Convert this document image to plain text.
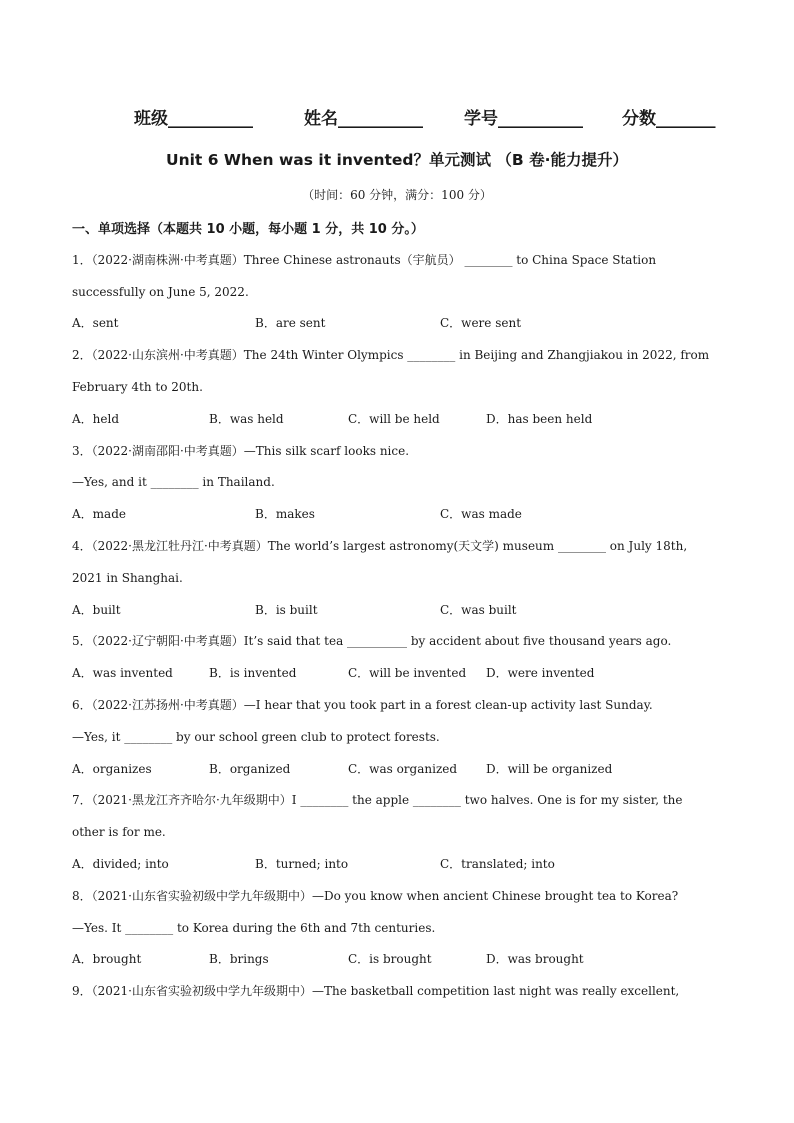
班级__________	姓名__________ 学号__________ 分数_______
Unit 6 When was it invented？单元测试 （B 卷·能力提升）
（时间：60 分钟，满分：100 分）
一、单项选择（本题共 10 小题，每小题 1 分，共 10 分。）
1．（2022·湖南株洲·中考真题）Three Chinese astronauts（宇航员） ________ to China Space Station
successfully on June 5, 2022.
A．sent	B．are sent	C．were sent
2．（2022·山东滨州·中考真题）The 24th Winter Olympics ________ in Beijing and Zhangjiakou in 2022, from
February 4th to 20th.
A．held	B．was held	C．will be held	D．has been held
3．（2022·湖南邵阳·中考真题）—This silk scarf looks nice.
—Yes, and it ________ in Thailand.
A．made	B．makes	C．was made
4．（2022·黑龙江牡丹江·中考真题）The world’s largest astronomy(天文学) museum ________ on July 18th,
2021 in Shanghai.
A．built	B．is built	C．was built
5．（2022·辽宁朝阳·中考真题）It’s said that tea __________ by accident about five thousand years ago.
A．was invented	B．is invented	C．will be invented D．were invented
6．（2022·江苏扬州·中考真题）—I hear that you took part in a forest clean-up activity last Sunday.
—Yes, it ________ by our school green club to protect forests.
A．organizes	B．organized	C．was organized D．will be organized
7．（2021·黑龙江齐齐哈尔·九年级期中）I ________ the apple ________ two halves. One is for my sister, the
other is for me.
A．divided; into	B．turned; into	C．translated; into
8．（2021·山东省实验初级中学九年级期中）—Do you know when ancient Chinese brought tea to Korea?
—Yes. It ________ to Korea during the 6th and 7th centuries.
A．brought	B．brings	C．is brought	D．was brought
9．（2021·山东省实验初级中学九年级期中）—The basketball competition last night was really excellent,
